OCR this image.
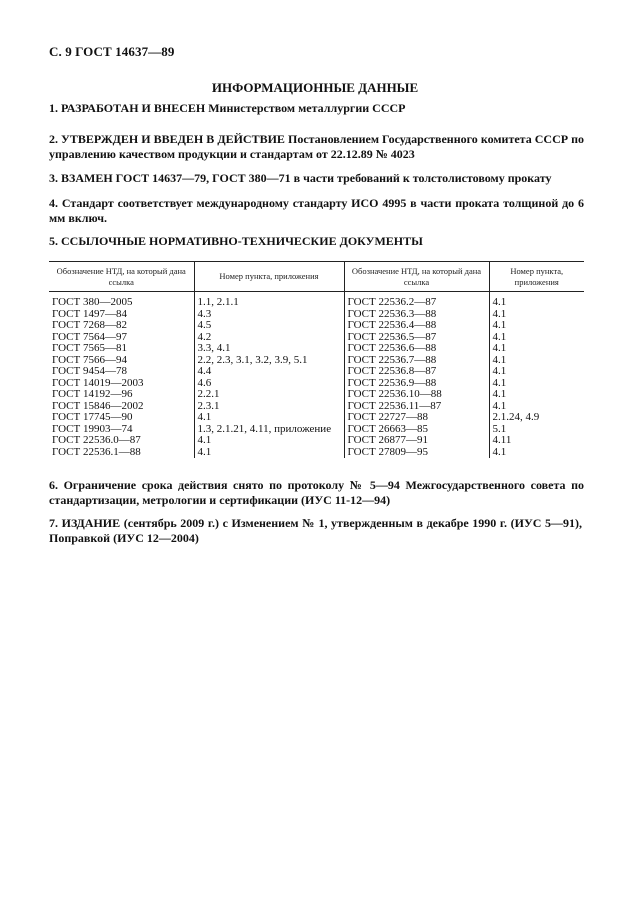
С. 9 ГОСТ 14637—89
ИНФОРМАЦИОННЫЕ ДАННЫЕ
1. РАЗРАБОТАН И ВНЕСЕН Министерством металлургии СССР
2. УТВЕРЖДЕН И ВВЕДЕН В ДЕЙСТВИЕ Постановлением Государственного комитета СССР по управлению качеством продукции и стандартам от 22.12.89 № 4023
3. ВЗАМЕН ГОСТ 14637—79, ГОСТ 380—71 в части требований к толстолистовому прокату
4. Стандарт соответствует международному стандарту ИСО 4995 в части проката толщиной до 6 мм включ.
5. ССЫЛОЧНЫЕ НОРМАТИВНО-ТЕХНИЧЕСКИЕ ДОКУМЕНТЫ
Обозначение НТД, на который дана ссылка	Номер пункта, приложения	Обозначение НТД, на который дана ссылка	Номер пункта, приложения
ГОСТ 380—2005	1.1, 2.1.1	ГОСТ 22536.2—87	4.1
ГОСТ 1497—84	4.3	ГОСТ 22536.3—88	4.1
ГОСТ 7268—82	4.5	ГОСТ 22536.4—88	4.1
ГОСТ 7564—97	4.2	ГОСТ 22536.5—87	4.1
ГОСТ 7565—81	3.3, 4.1	ГОСТ 22536.6—88	4.1
ГОСТ 7566—94	2.2, 2.3, 3.1, 3.2, 3.9, 5.1	ГОСТ 22536.7—88	4.1
ГОСТ 9454—78	4.4	ГОСТ 22536.8—87	4.1
ГОСТ 14019—2003	4.6	ГОСТ 22536.9—88	4.1
ГОСТ 14192—96	2.2.1	ГОСТ 22536.10—88	4.1
ГОСТ 15846—2002	2.3.1	ГОСТ 22536.11—87	4.1
ГОСТ 17745—90	4.1	ГОСТ 22727—88	2.1.24, 4.9
ГОСТ 19903—74	1.3, 2.1.21, 4.11, приложение	ГОСТ 26663—85	5.1
ГОСТ 22536.0—87	4.1	ГОСТ 26877—91	4.11
ГОСТ 22536.1—88	4.1	ГОСТ 27809—95	4.1
6. Ограничение срока действия снято по протоколу № 5—94 Межгосударственного совета по стандартизации, метрологии и сертификации (ИУС 11-12—94)
7. ИЗДАНИЕ (сентябрь 2009 г.) с Изменением № 1, утвержденным в декабре 1990 г. (ИУС 5—91), Поправкой (ИУС 12—2004)
